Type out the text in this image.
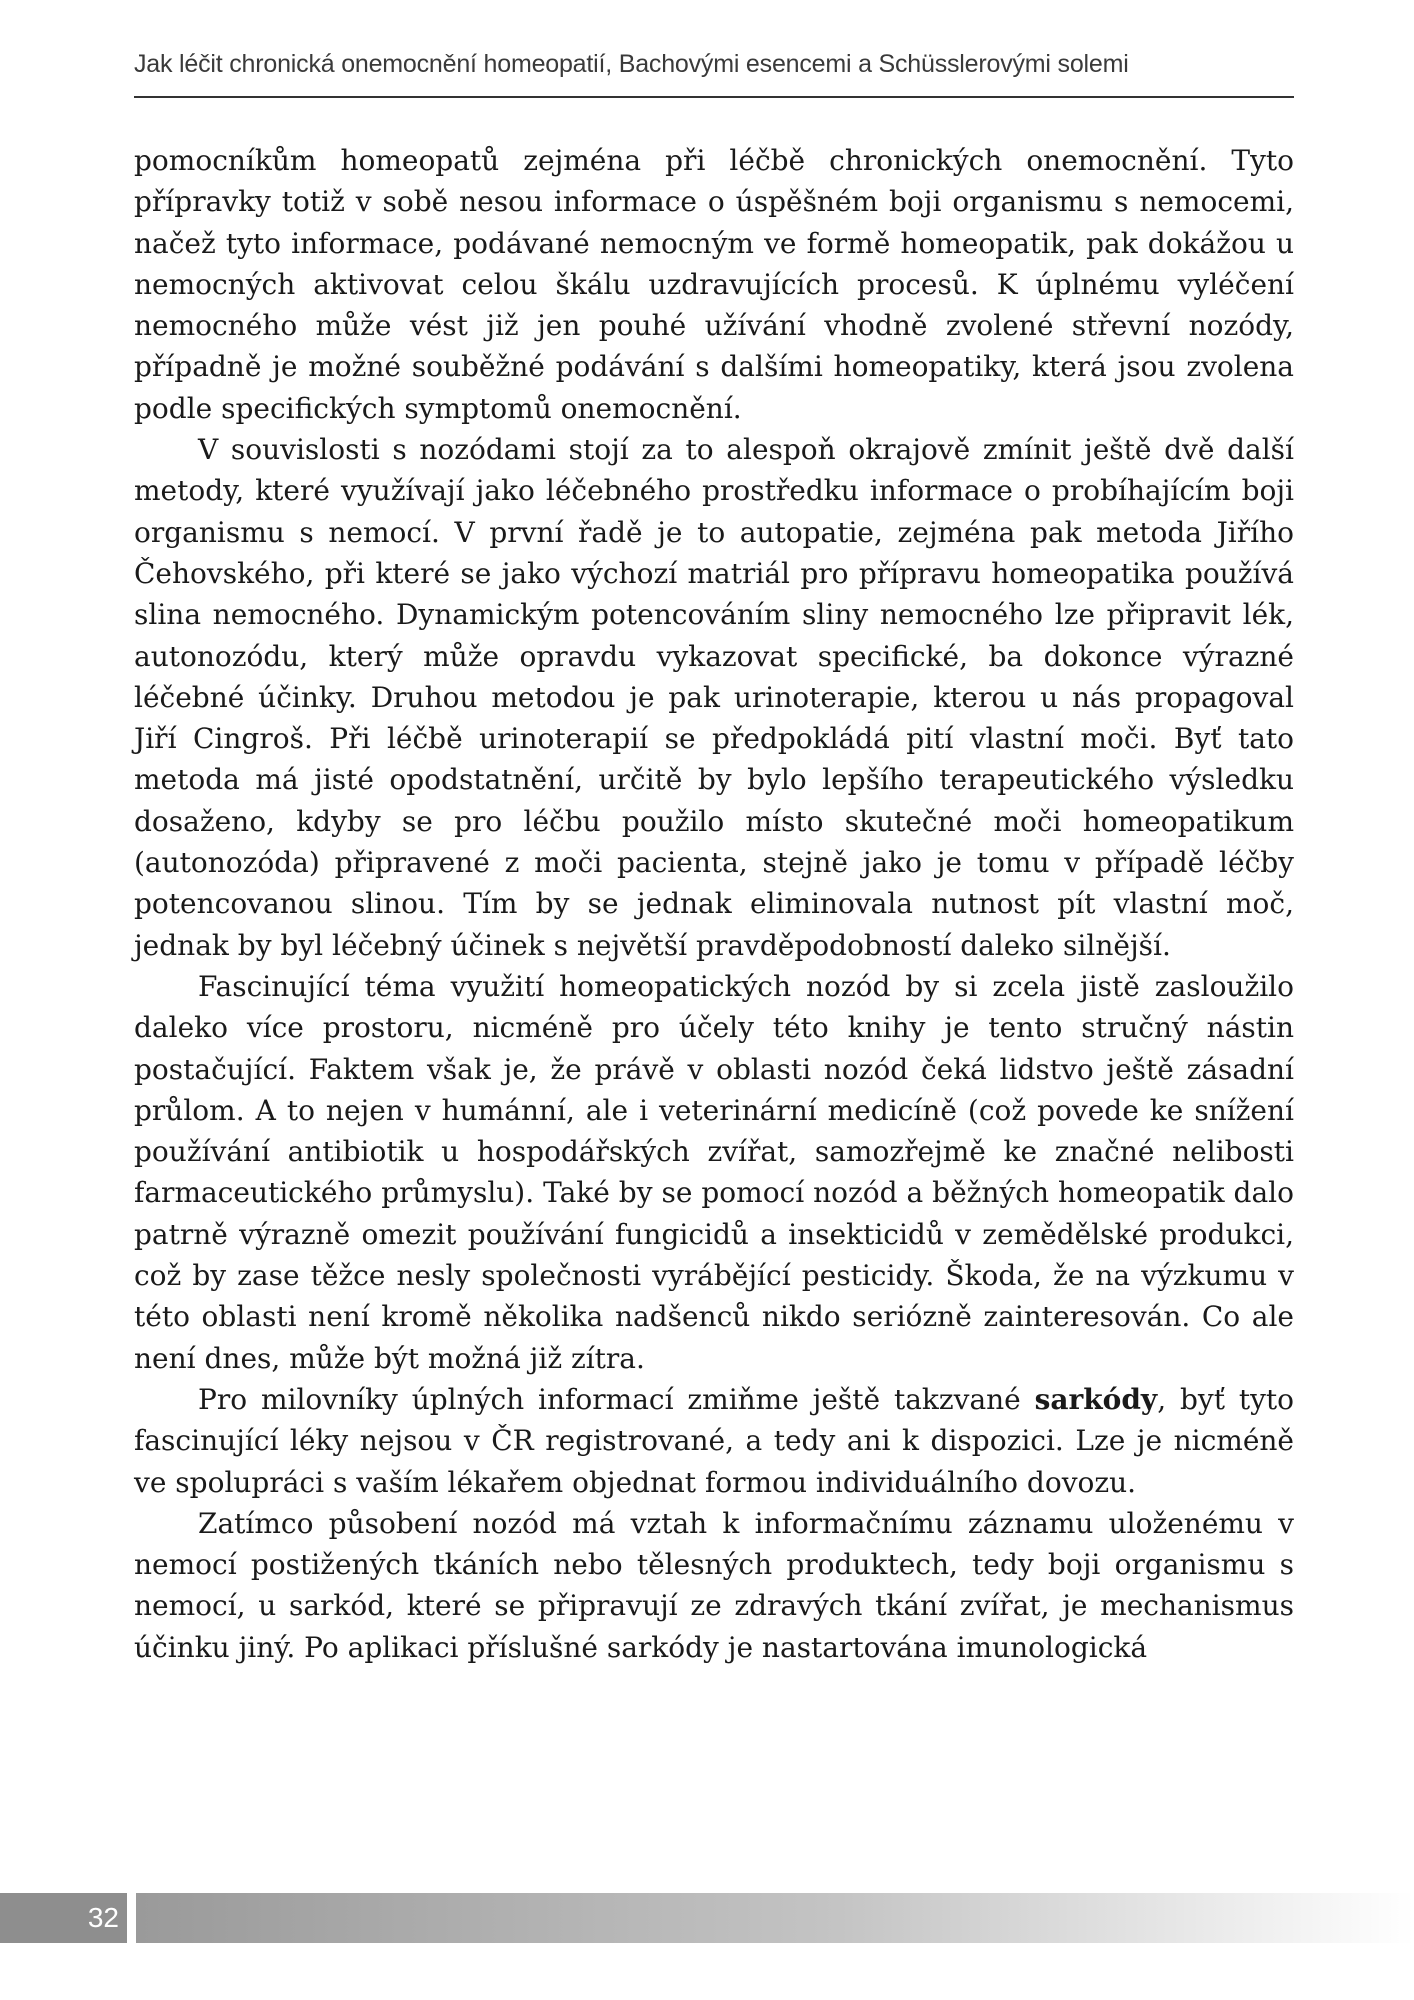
Jak léčit chronická onemocnění homeopatií, Bachovými esencemi a Schüsslerovými solemi

pomocníkům homeopatů zejména při léčbě chronických onemocnění. Tyto přípravky totiž v sobě nesou informace o úspěšném boji organismu s nemocemi, načež tyto informace, podávané nemocným ve formě homeopatik, pak dokážou u nemocných aktivovat celou škálu uzdravujících procesů. K úplnému vyléčení nemocného může vést již jen pouhé užívání vhodně zvolené střevní nozódy, případně je možné souběžné podávání s dalšími homeopatiky, která jsou zvolena podle specifických symptomů onemocnění.

V souvislosti s nozódami stojí za to alespoň okrajově zmínit ještě dvě další metody, které využívají jako léčebného prostředku informace o probíhajícím boji organismu s nemocí. V první řadě je to autopatie, zejména pak metoda Jiřího Čehovského, při které se jako výchozí matriál pro přípravu homeopatika používá slina nemocného. Dynamickým potencováním sliny nemocného lze připravit lék, autonozódu, který může opravdu vykazovat specifické, ba dokonce výrazné léčebné účinky. Druhou metodou je pak urinoterapie, kterou u nás propagoval Jiří Cingroš. Při léčbě urinoterapií se předpokládá pití vlastní moči. Byť tato metoda má jisté opodstatnění, určitě by bylo lepšího terapeutického výsledku dosaženo, kdyby se pro léčbu použilo místo skutečné moči homeopatikum (autonozóda) připravené z moči pacienta, stejně jako je tomu v případě léčby potencovanou slinou. Tím by se jednak eliminovala nutnost pít vlastní moč, jednak by byl léčebný účinek s největší pravděpodobností daleko silnější.

Fascinující téma využití homeopatických nozód by si zcela jistě zasloužilo daleko více prostoru, nicméně pro účely této knihy je tento stručný nástin postačující. Faktem však je, že právě v oblasti nozód čeká lidstvo ještě zásadní průlom. A to nejen v humánní, ale i veterinární medicíně (což povede ke snížení používání antibiotik u hospodářských zvířat, samozřejmě ke značné nelibosti farmaceutického průmyslu). Také by se pomocí nozód a běžných homeopatik dalo patrně výrazně omezit používání fungicidů a insekticidů v zemědělské produkci, což by zase těžce nesly společnosti vyrábějící pesticidy. Škoda, že na výzkumu v této oblasti není kromě několika nadšenců nikdo seriózně zainteresován. Co ale není dnes, může být možná již zítra.

Pro milovníky úplných informací zmiňme ještě takzvané sarkódy, byť tyto fascinující léky nejsou v ČR registrované, a tedy ani k dispozici. Lze je nicméně ve spolupráci s vaším lékařem objednat formou individuálního dovozu.

Zatímco působení nozód má vztah k informačnímu záznamu uloženému v nemocí postižených tkáních nebo tělesných produktech, tedy boji organismu s nemocí, u sarkód, které se připravují ze zdravých tkání zvířat, je mechanismus účinku jiný. Po aplikaci příslušné sarkódy je nastartována imunologická

32
